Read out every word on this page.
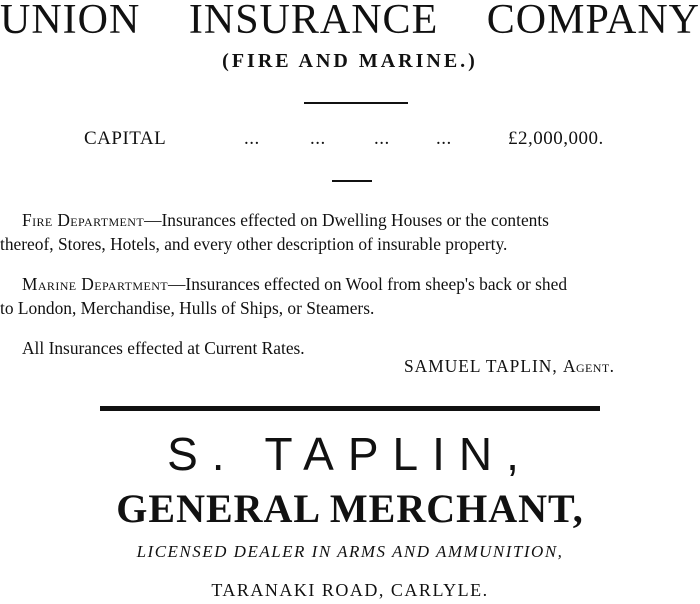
UNION INSURANCE COMPANY
(FIRE AND MARINE.)
CAPITAL	...	...	... ...	£2,000,000.
Fire Department—Insurances effected on Dwelling Houses or the contents
thereof, Stores, Hotels, and every other description of insurable property.
Marine Department—Insurances effected on Wool from sheep's back or shed
to London, Merchandise, Hulls of Ships, or Steamers.
All Insurances effected at Current Rates.
SAMUEL TAPLIN, Agent.
S. TAPLIN,
GENERAL MERCHANT,
LICENSED DEALER IN ARMS AND AMMUNITION,
TARANAKI ROAD, CARLYLE.
